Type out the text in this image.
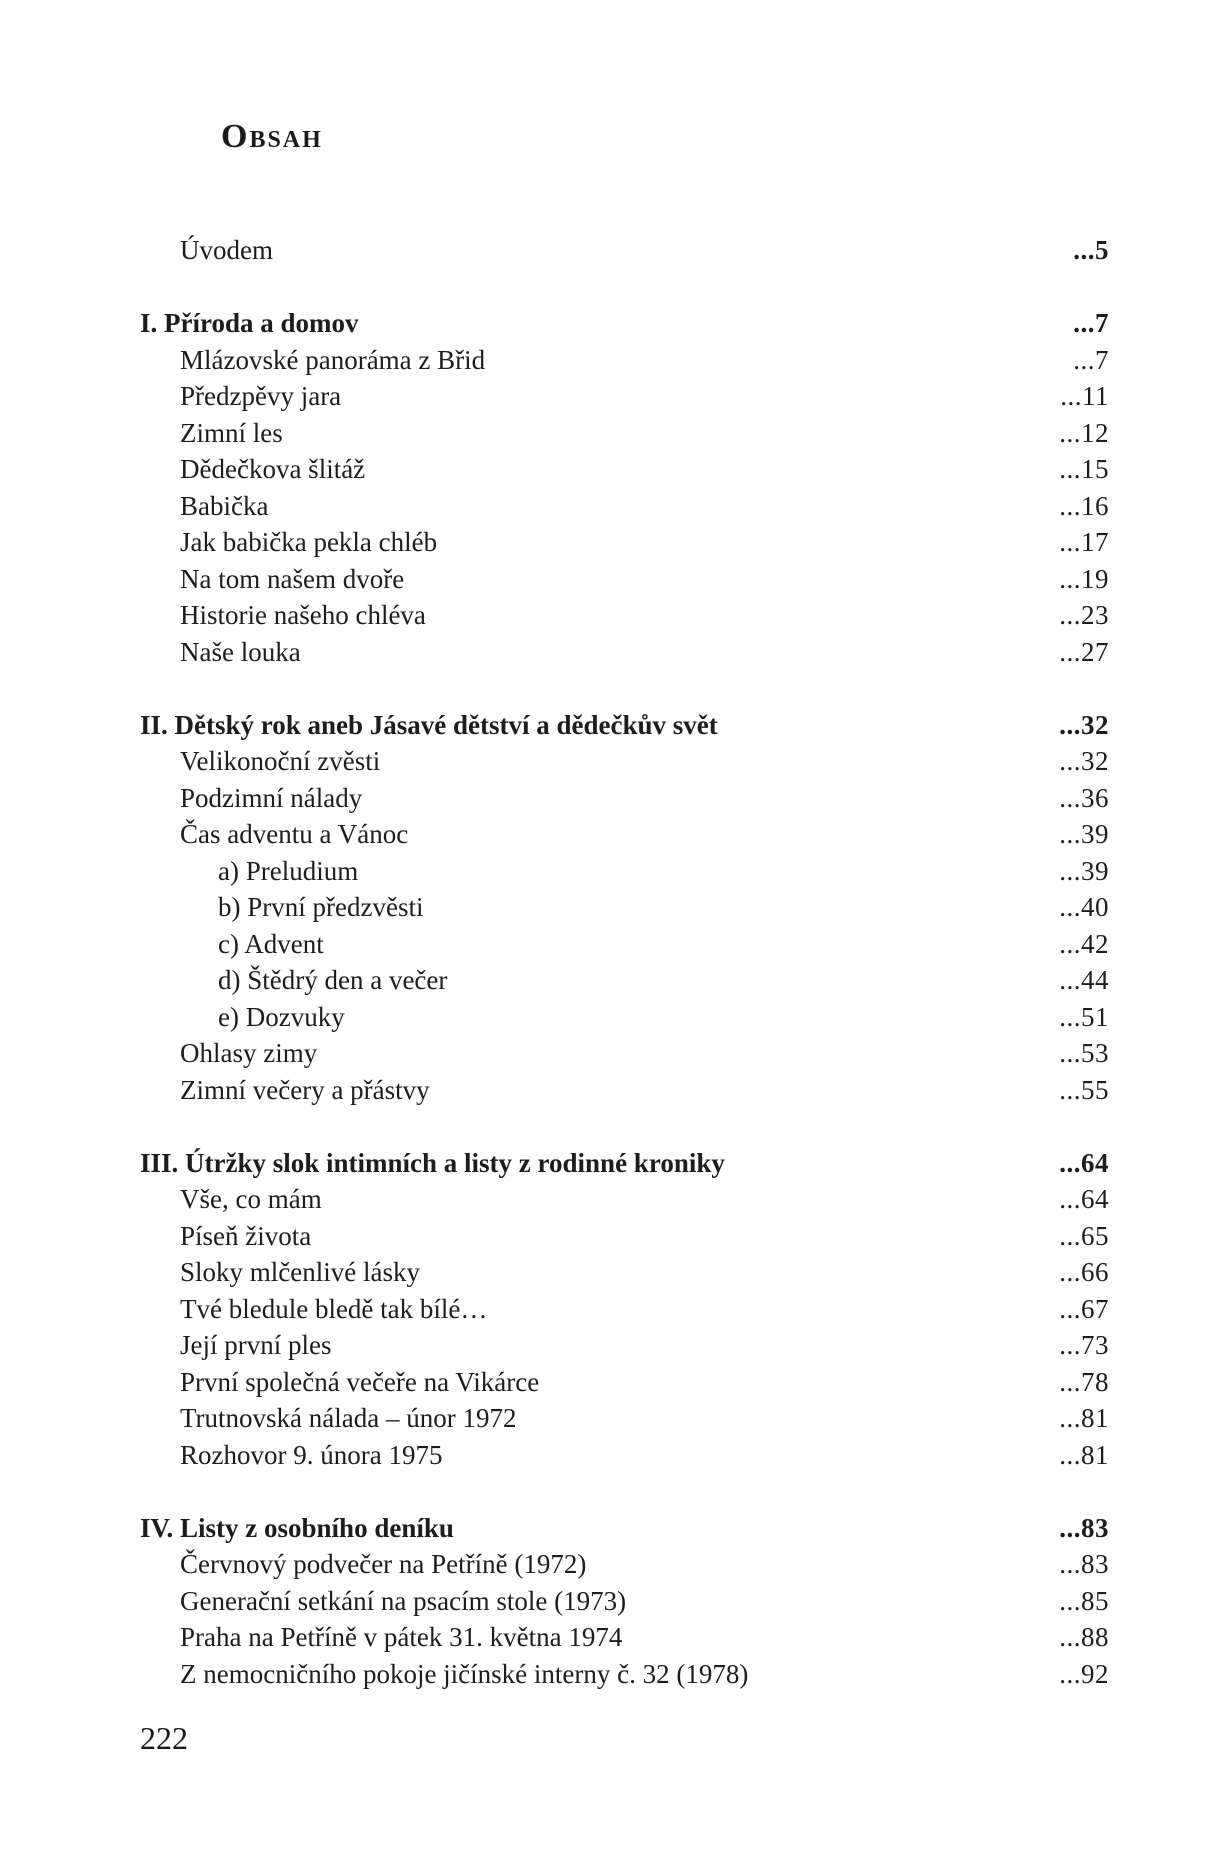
Obsah
Úvodem	...5
I. Příroda a domov	...7
Mlázovské panoráma z Břid	...7
Předzpěvy jara	...11
Zimní les	...12
Dědečkova šlitáž	...15
Babička	...16
Jak babička pekla chléb	...17
Na tom našem dvoře	...19
Historie našeho chléva	...23
Naše louka	...27
II. Dětský rok aneb Jásavé dětství a dědečkův svět	...32
Velikonoční zvěsti	...32
Podzimní nálady	...36
Čas adventu a Vánoc	...39
a) Preludium	...39
b) První předzvěsti	...40
c) Advent	...42
d) Štědrý den a večer	...44
e) Dozvuky	...51
Ohlasy zimy	...53
Zimní večery a přástvy	...55
III. Útržky slok intimních a listy z rodinné kroniky	...64
Vše, co mám	...64
Píseň života	...65
Sloky mlčenlivé lásky	...66
Tvé bledule bledě tak bílé…	...67
Její první ples	...73
První společná večeře na Vikárce	...78
Trutnovská nálada – únor 1972	...81
Rozhovor 9. února 1975	...81
IV. Listy z osobního deníku	...83
Červnový podvečer na Petříně (1972)	...83
Generační setkání na psacím stole (1973)	...85
Praha na Petříně v pátek 31. května 1974	...88
Z nemocničního pokoje jičínské interny č. 32 (1978)	...92
222
